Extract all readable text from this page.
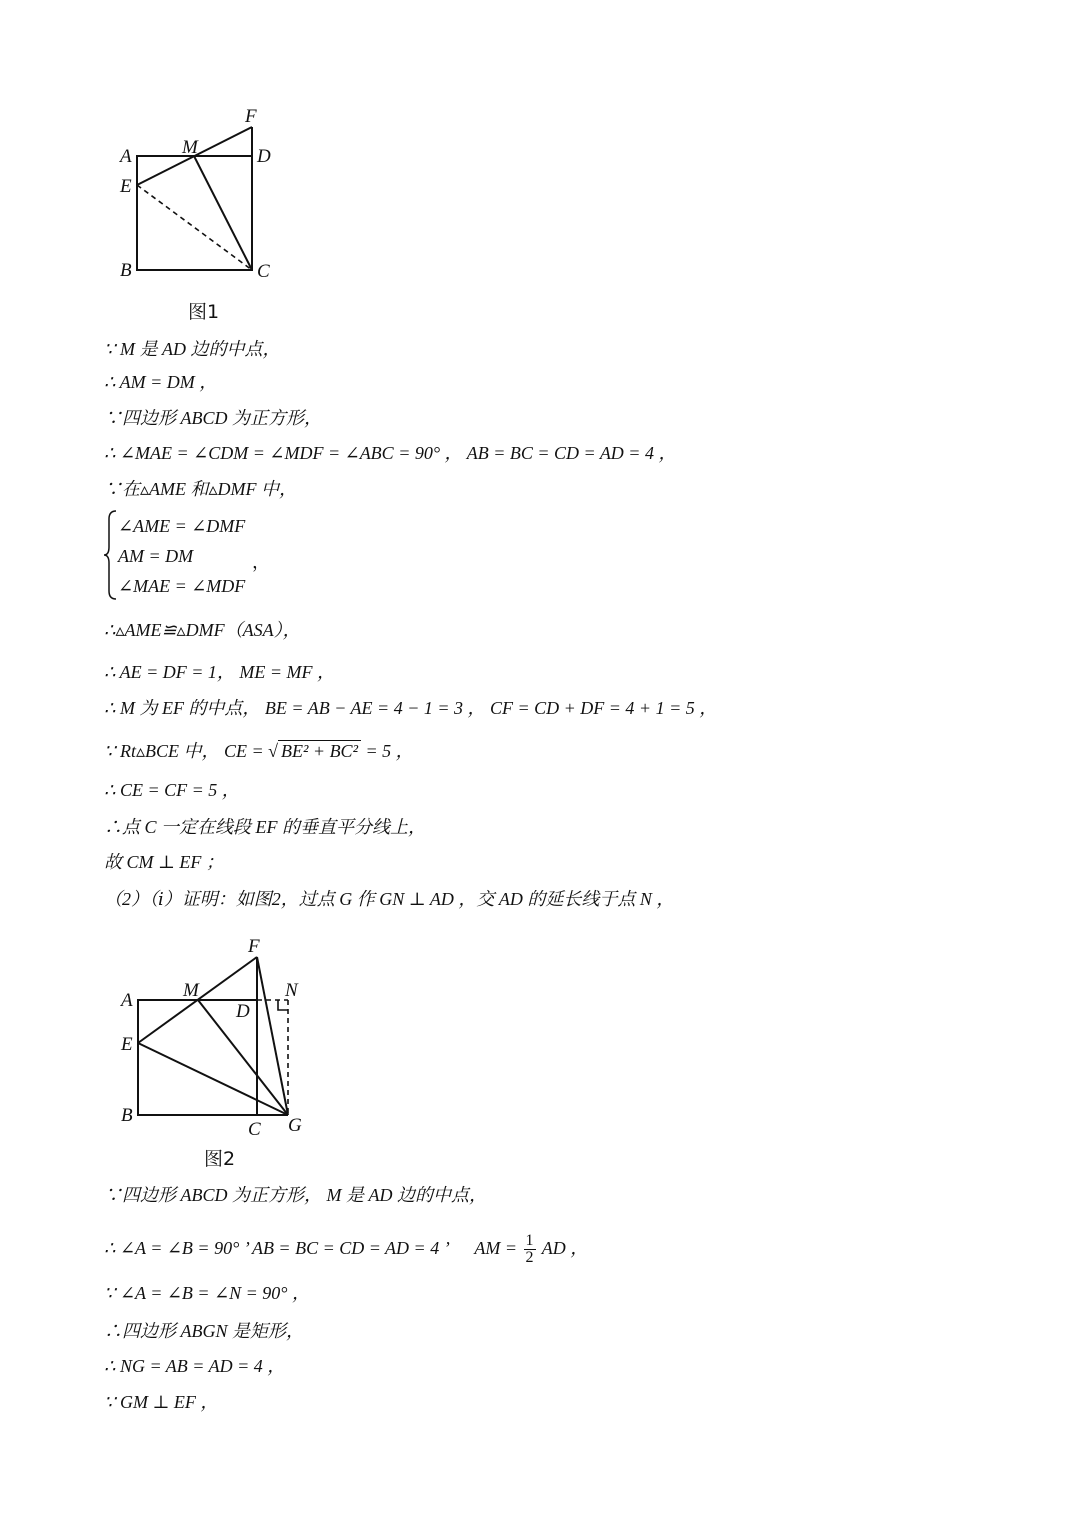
A	M
F
D
E
B	C
图1
∵ M 是 AD 边的中点，
∴ AM = DM ，
∵四边形 ABCD 为正方形，
∴ ∠MAE = ∠CDM = ∠MDF = ∠ABC = 90° ， AB = BC = CD = AD = 4 ，
∵在▵AME 和▵DMF 中，
∠AME = ∠DMF
AM = DM
∠MAE = ∠MDF
，
∴▵AME≌▵DMF（ASA），
∴ AE = DF = 1， ME = MF ，
∴ M 为 EF 的中点， BE = AB − AE = 4 − 1 = 3 ， CF = CD + DF = 4 + 1 = 5 ，
∵ Rt▵BCE 中， CE = √ BE² + BC² = 5 ，
∴ CE = CF = 5 ，
∴点 C 一定在线段 EF 的垂直平分线上，
故 CM ⊥ EF ；
（2）（ⅰ）证明：如图2，过点 G 作 GN ⊥ AD ，交 AD 的延长线于点 N ，
F
A	M	N
D
E
B
C G
图2
∵四边形 ABCD 为正方形， M 是 AD 边的中点，
∴ ∠A = ∠B = 90° ’ AB = BC = CD = AD = 4 ’ AM = $\frac{1}{2}$ AD ，
∵ ∠A = ∠B = ∠N = 90° ，
∴四边形 ABGN 是矩形，
∴ NG = AB = AD = 4 ，
∵ GM ⊥ EF ，
